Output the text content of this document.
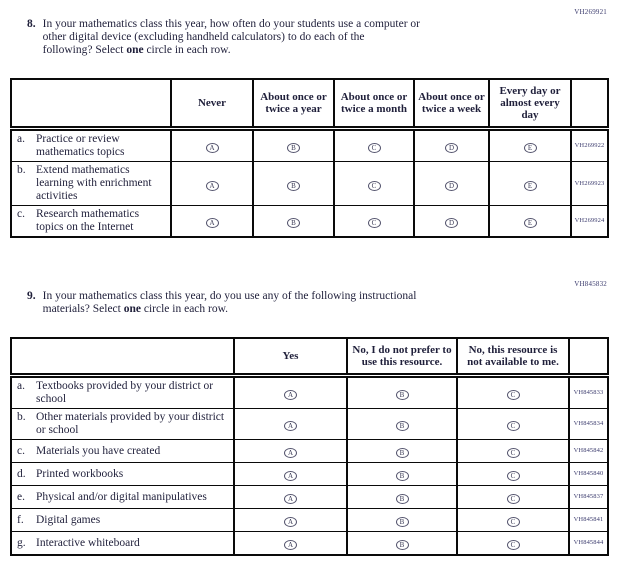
VH269921
8. In your mathematics class this year, how often do your students use a computer or
other digital device (excluding handheld calculators) to do each of the
following? Select one circle in each row.
	Never	About once or twice a year	About once or twice a month	About once or twice a week	Every day or almost every day	

a. Practice or review mathematics topics	A	B	C	D	E	VH269922

b. Extend mathematics learning with enrichment activities	A	B	C	D	E	VH269923

c. Research mathematics topics on the Internet	A	B	C	D	E	VH269924
VH845832
9. In your mathematics class this year, do you use any of the following instructional
materials? Select one circle in each row.
	Yes	No, I do not prefer to use this resource.	No, this resource is not available to me.	

a. Textbooks provided by your district or school	A	B	C	VH845833

b. Other materials provided by your district or school	A	B	C	VH845834

c. Materials you have created	A	B	C	VH845842

d. Printed workbooks	A	B	C	VH845840

e. Physical and/or digital manipulatives	A	B	C	VH845837

f. Digital games	A	B	C	VH845841

g. Interactive whiteboard	A	B	C	VH845844
